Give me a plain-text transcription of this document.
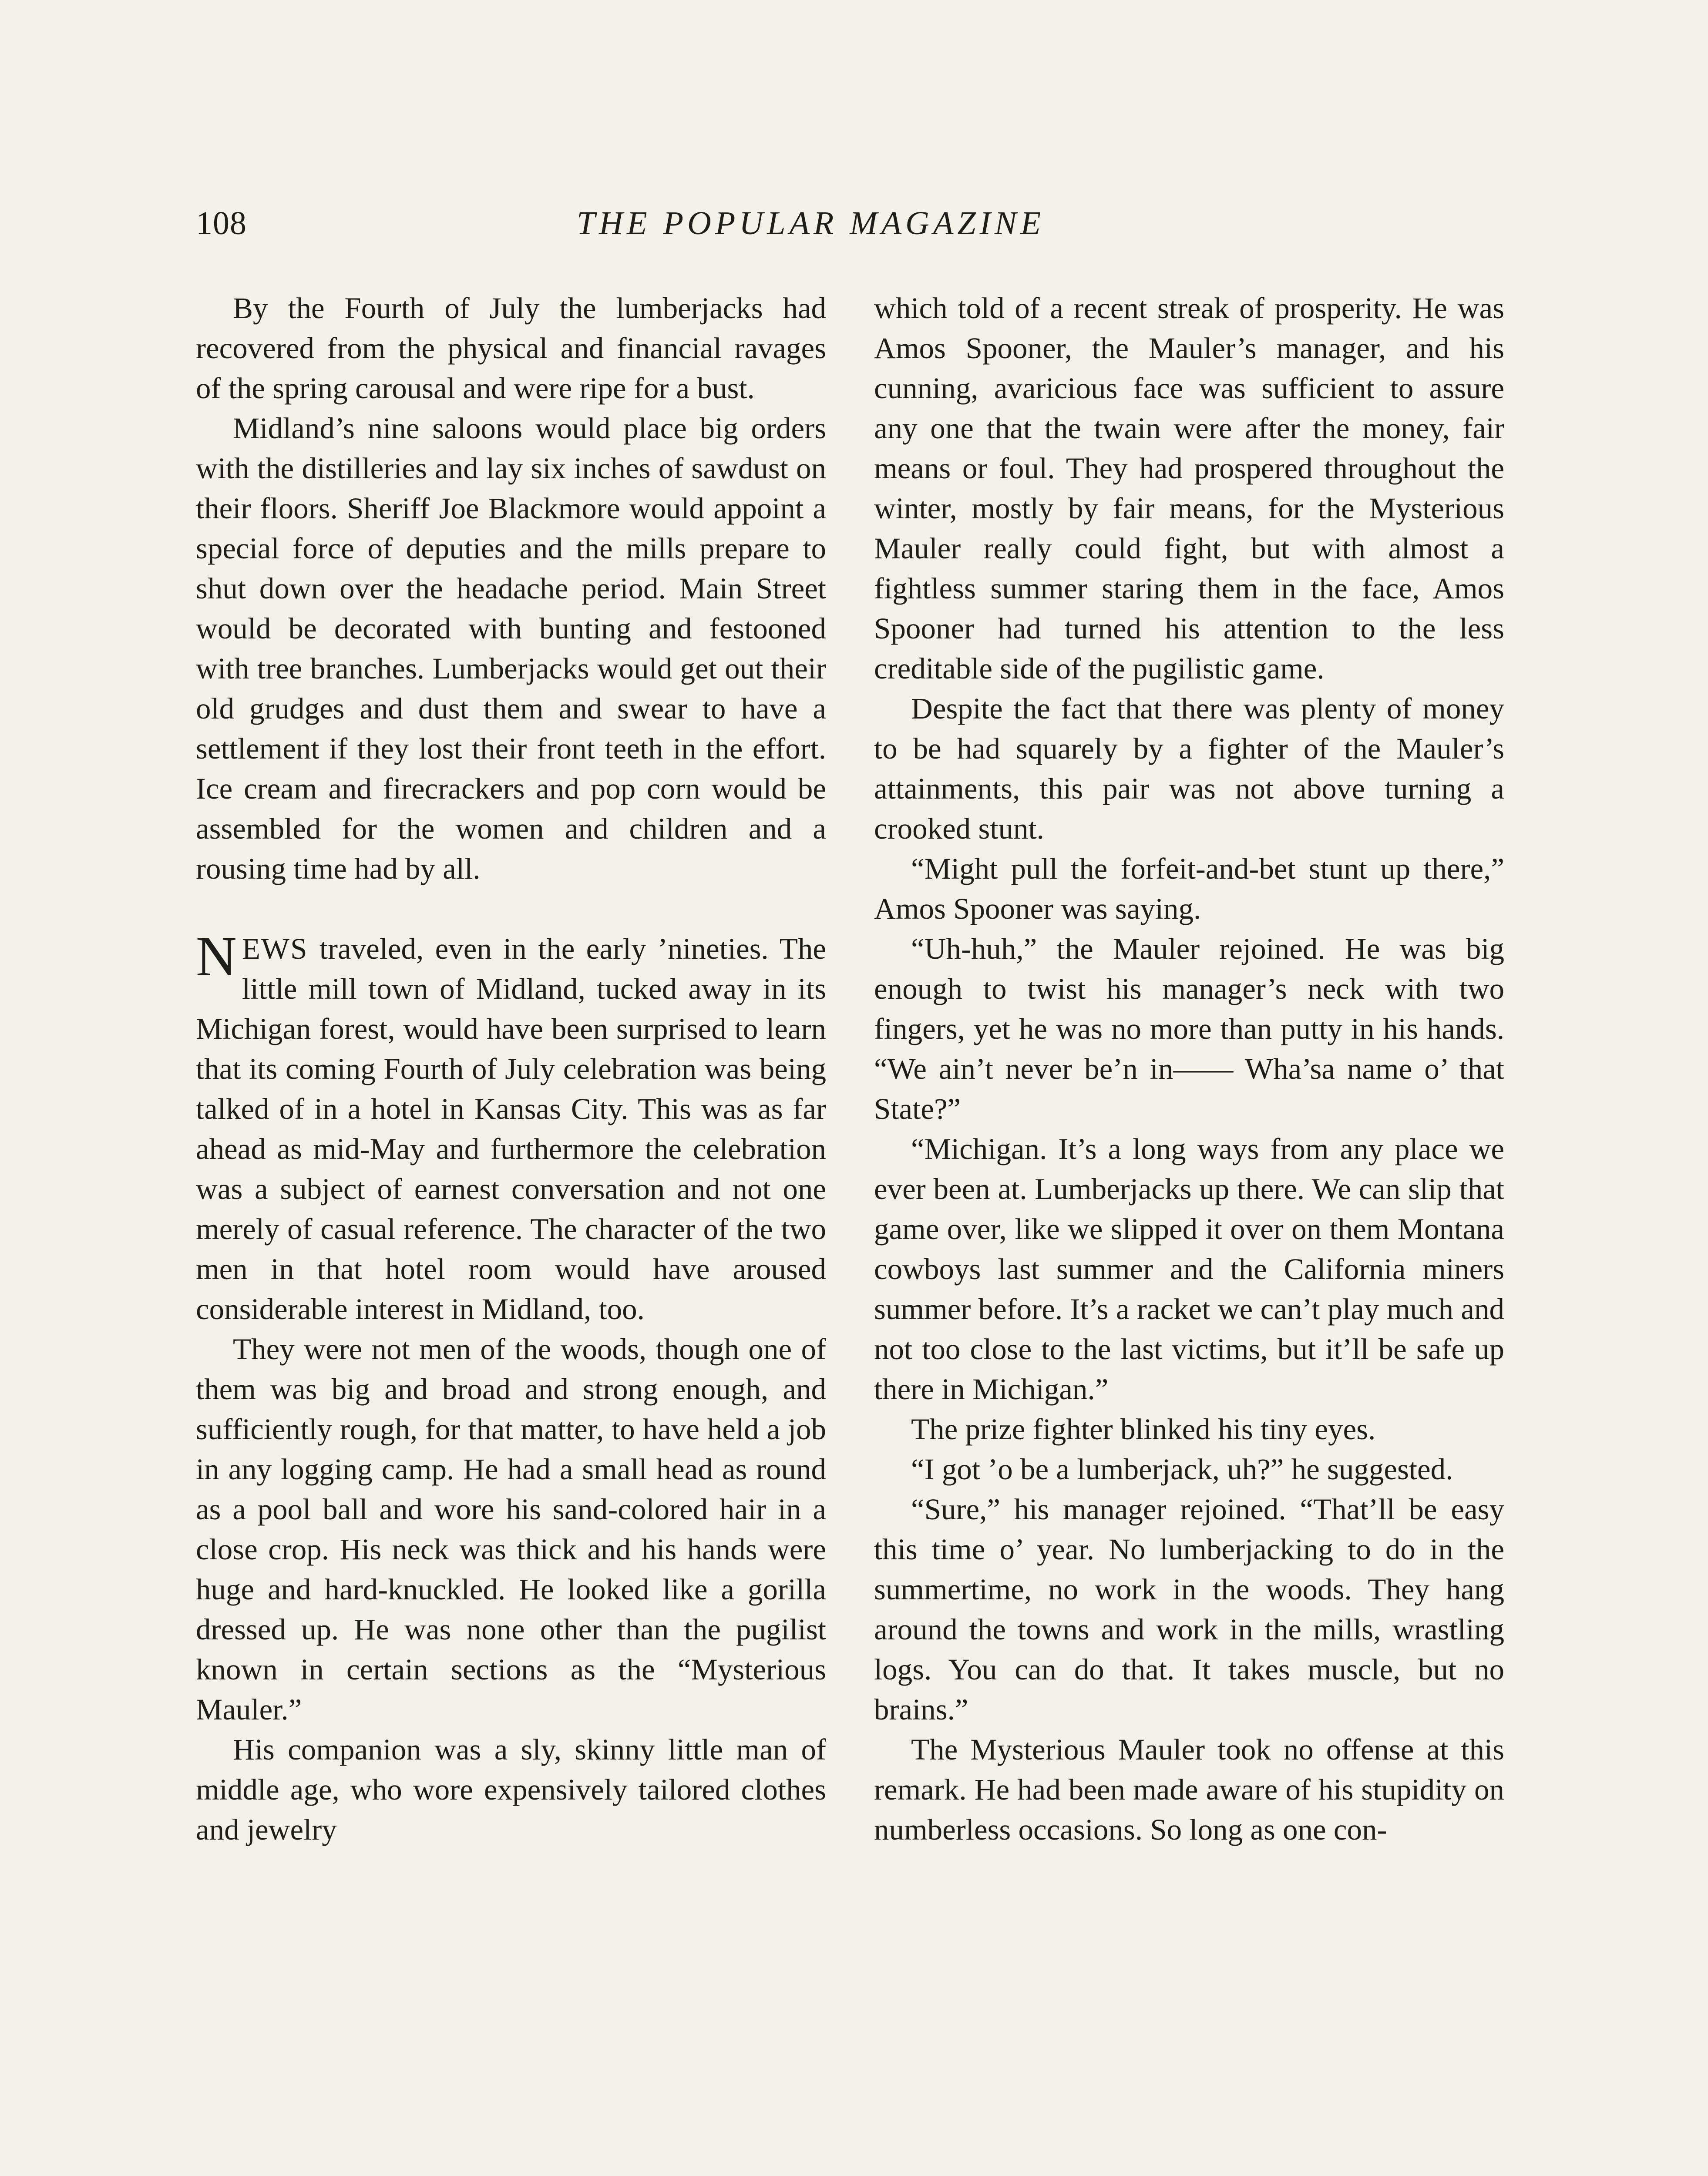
108	THE POPULAR MAGAZINE

By the Fourth of July the lumberjacks had recovered from the physical and financial ravages of the spring carousal and were ripe for a bust.

Midland’s nine saloons would place big orders with the distilleries and lay six inches of sawdust on their floors. Sheriff Joe Blackmore would appoint a special force of deputies and the mills prepare to shut down over the headache period. Main Street would be decorated with bunting and festooned with tree branches. Lumberjacks would get out their old grudges and dust them and swear to have a settlement if they lost their front teeth in the effort. Ice cream and firecrackers and pop corn would be assembled for the women and children and a rousing time had by all.

NEWS traveled, even in the early ’nineties. The little mill town of Midland, tucked away in its Michigan forest, would have been surprised to learn that its coming Fourth of July celebration was being talked of in a hotel in Kansas City. This was as far ahead as mid-May and furthermore the celebration was a subject of earnest conversation and not one merely of casual reference. The character of the two men in that hotel room would have aroused considerable interest in Midland, too.

They were not men of the woods, though one of them was big and broad and strong enough, and sufficiently rough, for that matter, to have held a job in any logging camp. He had a small head as round as a pool ball and wore his sand-colored hair in a close crop. His neck was thick and his hands were huge and hard-knuckled. He looked like a gorilla dressed up. He was none other than the pugilist known in certain sections as the “Mysterious Mauler.”

His companion was a sly, skinny little man of middle age, who wore expensively tailored clothes and jewelry

which told of a recent streak of prosperity. He was Amos Spooner, the Mauler’s manager, and his cunning, avaricious face was sufficient to assure any one that the twain were after the money, fair means or foul. They had prospered throughout the winter, mostly by fair means, for the Mysterious Mauler really could fight, but with almost a fightless summer staring them in the face, Amos Spooner had turned his attention to the less creditable side of the pugilistic game.

Despite the fact that there was plenty of money to be had squarely by a fighter of the Mauler’s attainments, this pair was not above turning a crooked stunt.

“Might pull the forfeit-and-bet stunt up there,” Amos Spooner was saying.

“Uh-huh,” the Mauler rejoined. He was big enough to twist his manager’s neck with two fingers, yet he was no more than putty in his hands. “We ain’t never be’n in—— Wha’sa name o’ that State?”

“Michigan. It’s a long ways from any place we ever been at. Lumberjacks up there. We can slip that game over, like we slipped it over on them Montana cowboys last summer and the California miners summer before. It’s a racket we can’t play much and not too close to the last victims, but it’ll be safe up there in Michigan.”

The prize fighter blinked his tiny eyes.

“I got ’o be a lumberjack, uh?” he suggested.

“Sure,” his manager rejoined. “That’ll be easy this time o’ year. No lumberjacking to do in the summertime, no work in the woods. They hang around the towns and work in the mills, wrastling logs. You can do that. It takes muscle, but no brains.”

The Mysterious Mauler took no offense at this remark. He had been made aware of his stupidity on numberless occasions. So long as one con-
